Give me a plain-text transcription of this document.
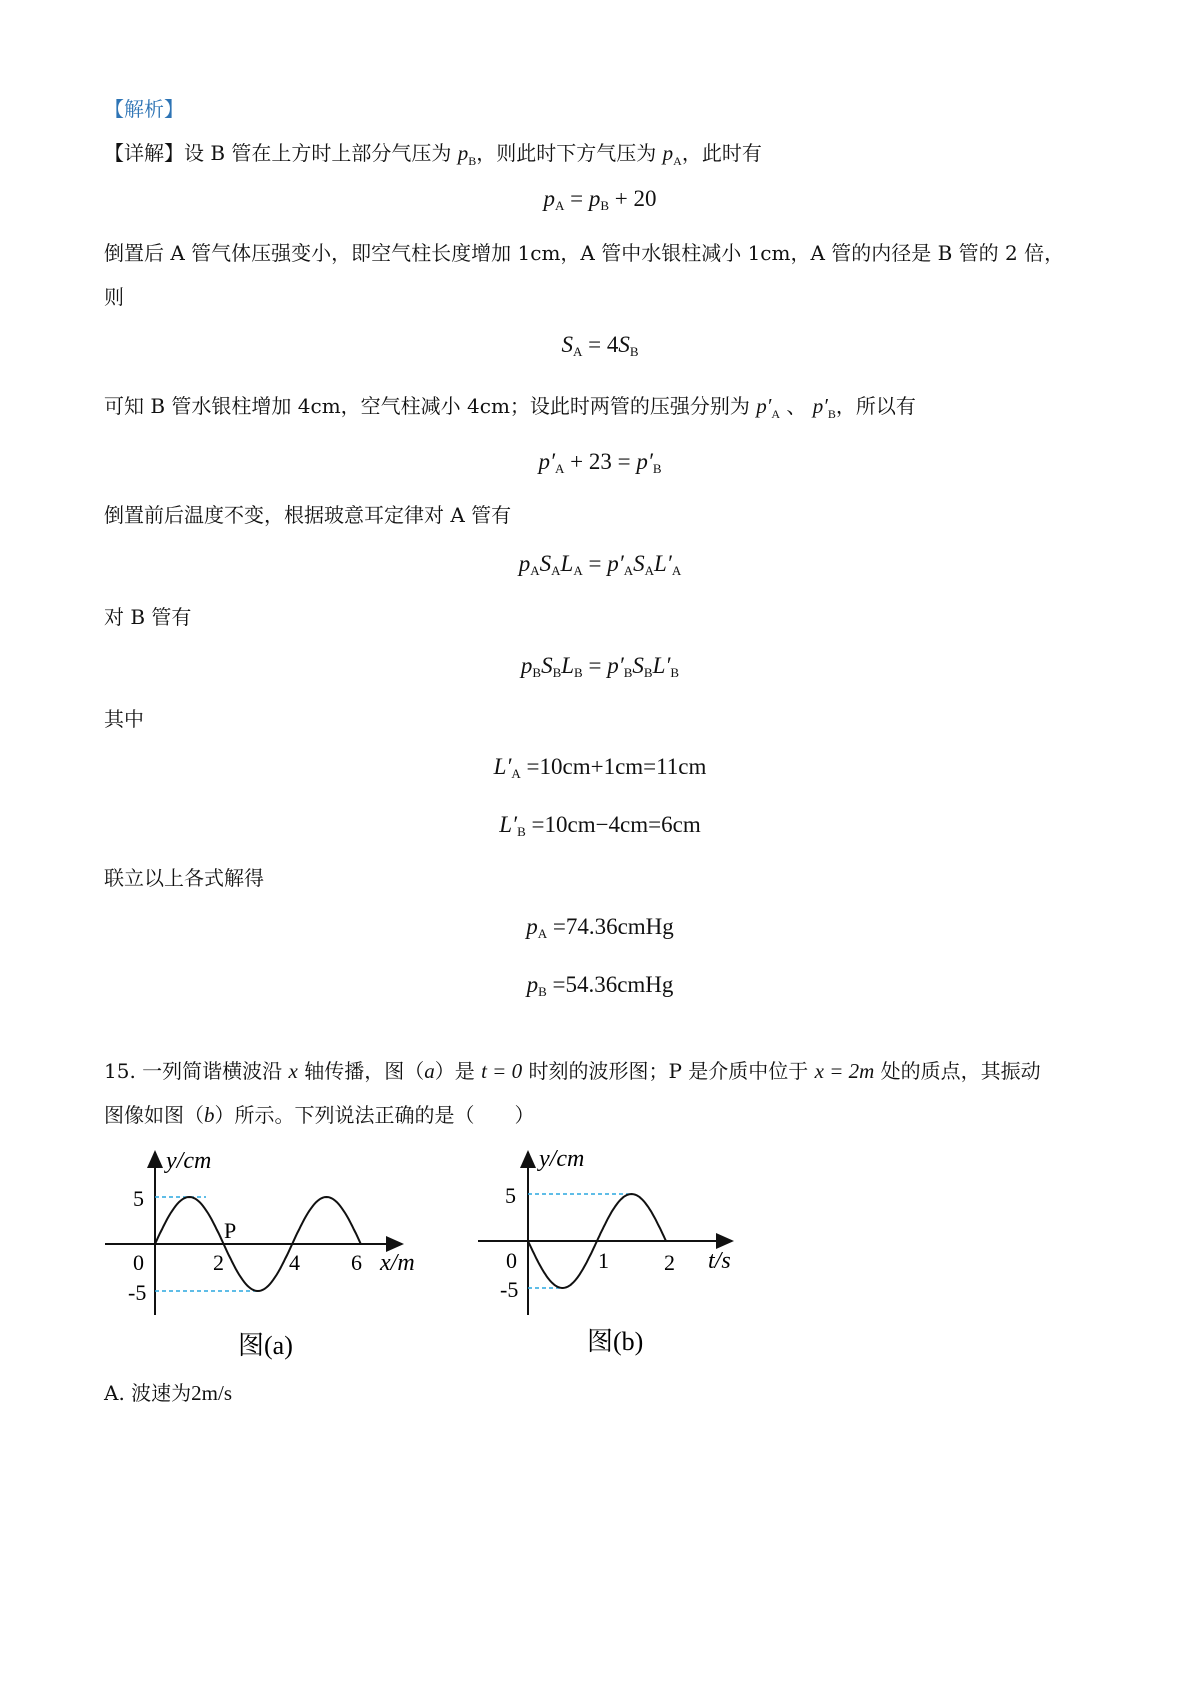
【解析】
【详解】设 B 管在上方时上部分气压为 $p_B$，则此时下方气压为 $p_A$，此时有
$p_A = p_B + 20$
倒置后 A 管气体压强变小，即空气柱长度增加 1cm，A 管中水银柱减小 1cm，A 管的内径是 B 管的 2 倍，
则
$S_A = 4S_B$
可知 B 管水银柱增加 4cm，空气柱减小 4cm；设此时两管的压强分别为 $p'_A$ 、 $p'_B$，所以有
$p'_A + 23 = p'_B$
倒置前后温度不变，根据玻意耳定律对 A 管有
$p_AS_AL_A = p'_AS_AL'_A$
对 B 管有
$p_BS_BL_B = p'_BS_BL'_B$
其中
$L'_A =10cm+1cm=11cm$
$L'_B =10cm-4cm=6cm$
联立以上各式解得
$p_A$ =74.36cmHg
$p_B$ =54.36cmHg
15. 一列简谐横波沿 x 轴传播，图（a）是 t = 0 时刻的波形图；P 是介质中位于 x = 2m 处的质点，其振动
图像如图（b）所示。下列说法正确的是（　　）
y/cm
5
-5
0	2	4 6 x/m
P
图(a)
y/cm
5
-5
0	1	2 t/s
图(b)
A. 波速为2m/s
